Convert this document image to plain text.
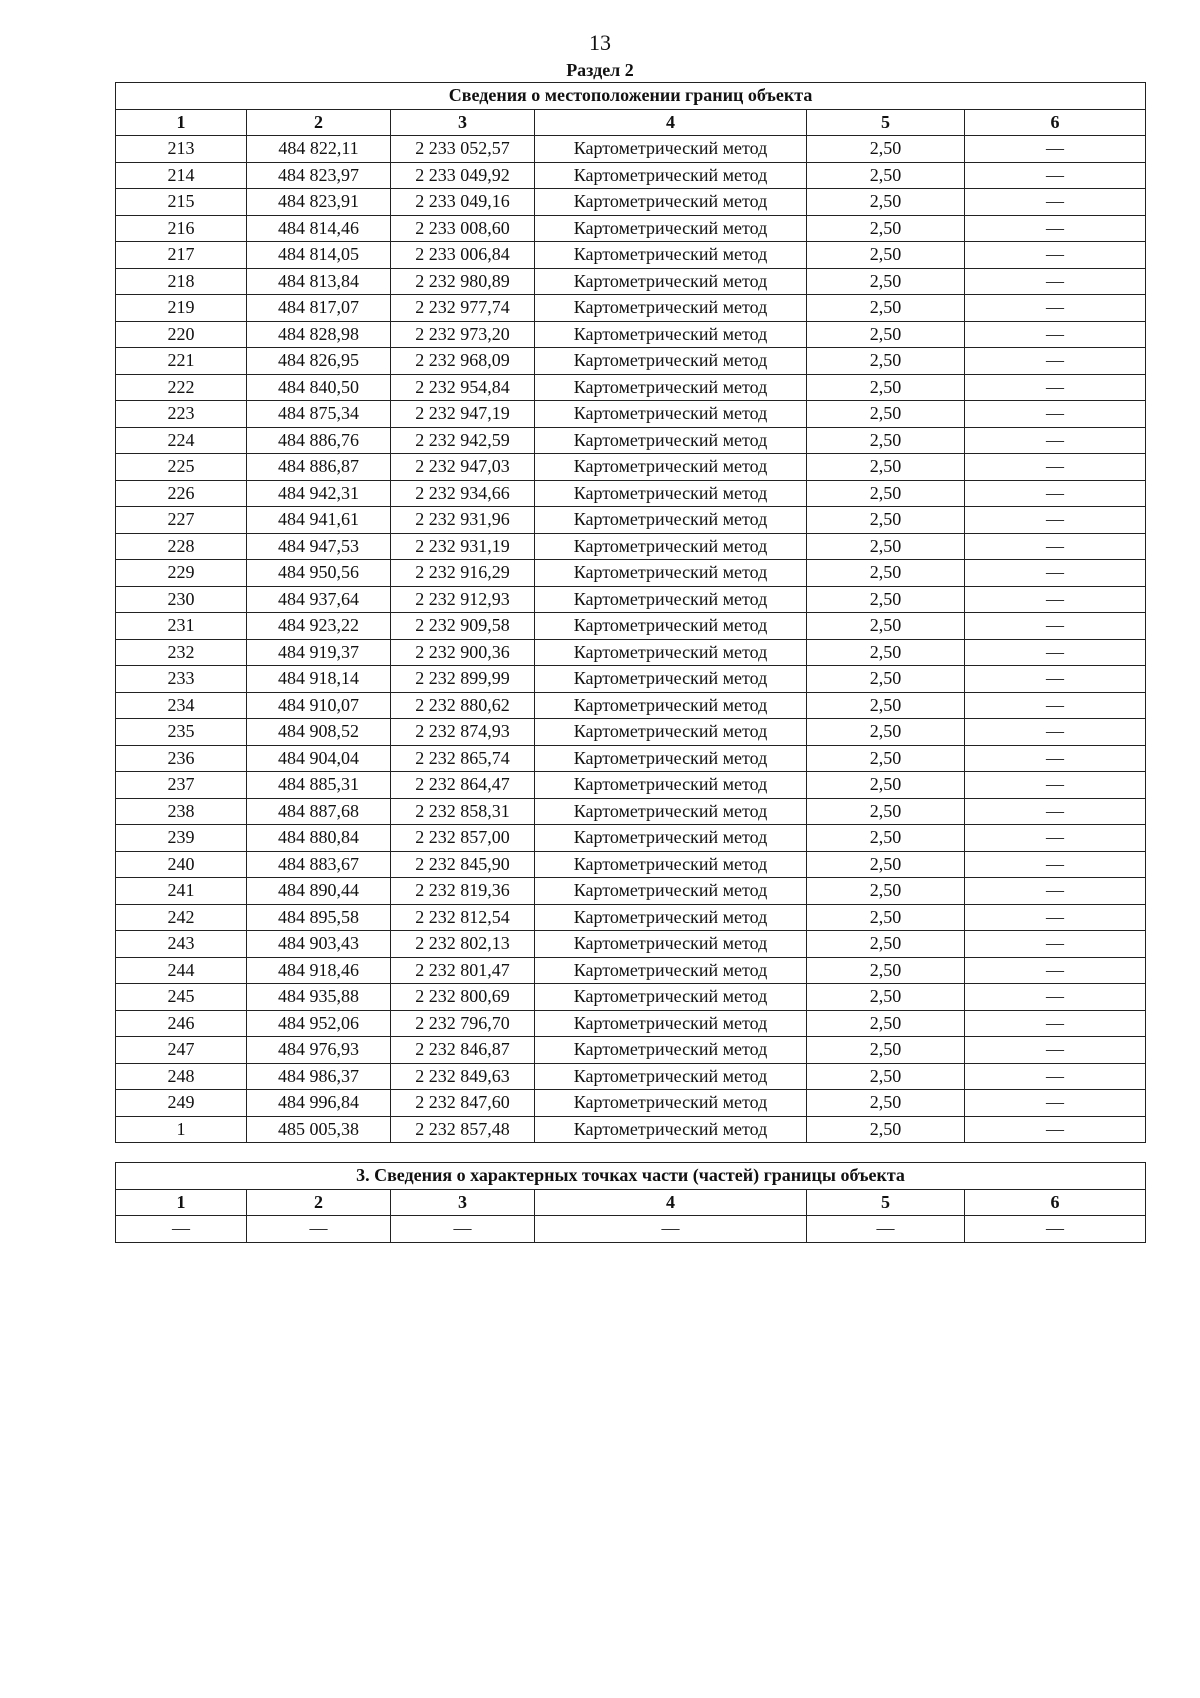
13
Раздел 2
Сведения о местоположении границ объекта					
1	2	3	4	5	6
213	484 822,11	2 233 052,57	Картометрический метод	2,50	—
214	484 823,97	2 233 049,92	Картометрический метод	2,50	—
215	484 823,91	2 233 049,16	Картометрический метод	2,50	—
216	484 814,46	2 233 008,60	Картометрический метод	2,50	—
217	484 814,05	2 233 006,84	Картометрический метод	2,50	—
218	484 813,84	2 232 980,89	Картометрический метод	2,50	—
219	484 817,07	2 232 977,74	Картометрический метод	2,50	—
220	484 828,98	2 232 973,20	Картометрический метод	2,50	—
221	484 826,95	2 232 968,09	Картометрический метод	2,50	—
222	484 840,50	2 232 954,84	Картометрический метод	2,50	—
223	484 875,34	2 232 947,19	Картометрический метод	2,50	—
224	484 886,76	2 232 942,59	Картометрический метод	2,50	—
225	484 886,87	2 232 947,03	Картометрический метод	2,50	—
226	484 942,31	2 232 934,66	Картометрический метод	2,50	—
227	484 941,61	2 232 931,96	Картометрический метод	2,50	—
228	484 947,53	2 232 931,19	Картометрический метод	2,50	—
229	484 950,56	2 232 916,29	Картометрический метод	2,50	—
230	484 937,64	2 232 912,93	Картометрический метод	2,50	—
231	484 923,22	2 232 909,58	Картометрический метод	2,50	—
232	484 919,37	2 232 900,36	Картометрический метод	2,50	—
233	484 918,14	2 232 899,99	Картометрический метод	2,50	—
234	484 910,07	2 232 880,62	Картометрический метод	2,50	—
235	484 908,52	2 232 874,93	Картометрический метод	2,50	—
236	484 904,04	2 232 865,74	Картометрический метод	2,50	—
237	484 885,31	2 232 864,47	Картометрический метод	2,50	—
238	484 887,68	2 232 858,31	Картометрический метод	2,50	—
239	484 880,84	2 232 857,00	Картометрический метод	2,50	—
240	484 883,67	2 232 845,90	Картометрический метод	2,50	—
241	484 890,44	2 232 819,36	Картометрический метод	2,50	—
242	484 895,58	2 232 812,54	Картометрический метод	2,50	—
243	484 903,43	2 232 802,13	Картометрический метод	2,50	—
244	484 918,46	2 232 801,47	Картометрический метод	2,50	—
245	484 935,88	2 232 800,69	Картометрический метод	2,50	—
246	484 952,06	2 232 796,70	Картометрический метод	2,50	—
247	484 976,93	2 232 846,87	Картометрический метод	2,50	—
248	484 986,37	2 232 849,63	Картометрический метод	2,50	—
249	484 996,84	2 232 847,60	Картометрический метод	2,50	—
1	485 005,38	2 232 857,48	Картометрический метод	2,50	—
3. Сведения о характерных точках части (частей) границы объекта					
1	2	3	4	5	6
—	—	—	—	—	—
